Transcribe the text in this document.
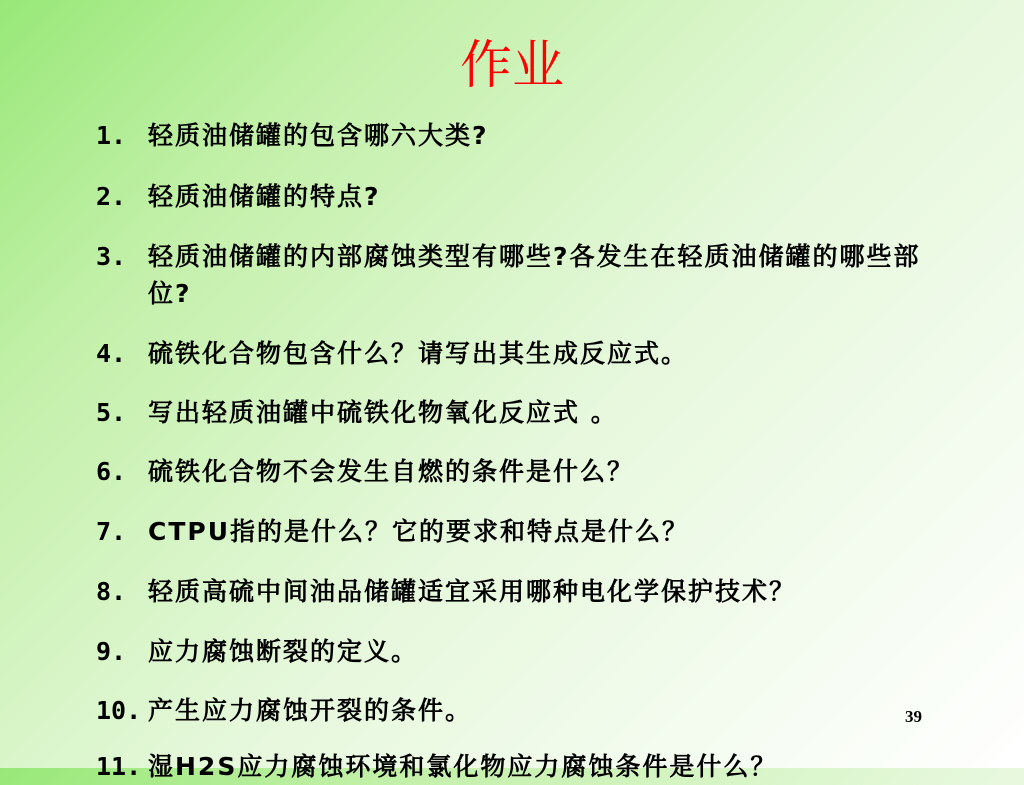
作业
1. 轻质油储罐的包含哪六大类?
2. 轻质油储罐的特点?
3. 轻质油储罐的内部腐蚀类型有哪些?各发生在轻质油储罐的哪些部位?
4. 硫铁化合物包含什么？请写出其生成反应式。
5. 写出轻质油罐中硫铁化物氧化反应式 。
6. 硫铁化合物不会发生自燃的条件是什么？
7. CTPU指的是什么？它的要求和特点是什么？
8. 轻质高硫中间油品储罐适宜采用哪种电化学保护技术？
9. 应力腐蚀断裂的定义。
10. 产生应力腐蚀开裂的条件。
11. 湿H2S应力腐蚀环境和氯化物应力腐蚀条件是什么？
39
